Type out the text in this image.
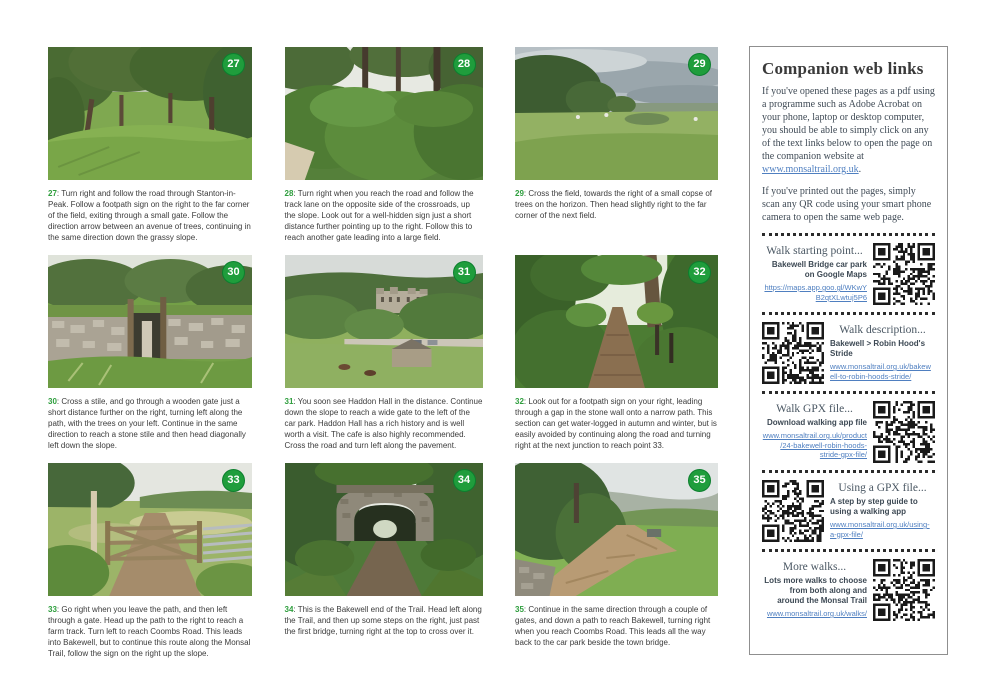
27

27: Turn right and follow the road through Stanton-in-Peak. Follow a footpath sign on the right to the far corner of the field, exiting through a small gate. Follow the direction arrow between an avenue of trees, continuing in the same direction down the grassy slope.

28

28: Turn right when you reach the road and follow the track lane on the opposite side of the crossroads, up the slope. Look out for a well-hidden sign just a short distance further pointing up to the right. Follow this to reach another gate leading into a large field.

29

29: Cross the field, towards the right of a small copse of trees on the horizon. Then head slightly right to the far corner of the next field.

30

30: Cross a stile, and go through a wooden gate just a short distance further on the right, turning left along the path, with the trees on your left. Continue in the same direction to reach a stone stile and then head diagonally left down the slope.

31

31: You soon see Haddon Hall in the distance. Continue down the slope to reach a wide gate to the left of the car park. Haddon Hall has a rich history and is well worth a visit. The cafe is also highly recommended. Cross the road and turn left along the pavement.

32

32: Look out for a footpath sign on your right, leading through a gap in the stone wall onto a narrow path. This section can get water-logged in autumn and winter, but is easily avoided by continuing along the road and turning right at the next junction to reach point 33.

33

33: Go right when you leave the path, and then left through a gate. Head up the path to the right to reach a farm track. Turn left to reach Coombs Road. This leads into Bakewell, but to continue this route along the Monsal Trail, follow the sign on the right up the slope.

34

34: This is the Bakewell end of the Trail. Head left along the Trail, and then up some steps on the right, just past the first bridge, turning right at the top to cross over it.

35

35: Continue in the same direction through a couple of gates, and down a path to reach Bakewell, turning right when you reach Coombs Road. This leads all the way back to the car park beside the town bridge.

Companion web links

If you've opened these pages as a pdf using a programme such as Adobe Acrobat on your phone, laptop or desktop computer, you should be able to simply click on any of the text links below to open the page on the companion website at www.monsaltrail.org.uk.

If you've printed out the pages, simply scan any QR code using your smart phone camera to open the same web page.

Walk starting point...
Bakewell Bridge car park on Google Maps
https://maps.app.goo.gl/WKwYB2qtXLwtuj5P6
Walk description...
Bakewell > Robin Hood's Stride
www.monsaltrail.org.uk/bakewell-to-robin-hoods-stride/
Walk GPX file...
Download walking app file
www.monsaltrail.org.uk/product/24-bakewell-robin-hoods-stride-gpx-file/
Using a GPX file...
A step by step guide to using a walking app
www.monsaltrail.org.uk/using-a-gpx-file/
More walks...
Lots more walks to choose from both along and around the Monsal Trail
www.monsaltrail.org.uk/walks/
